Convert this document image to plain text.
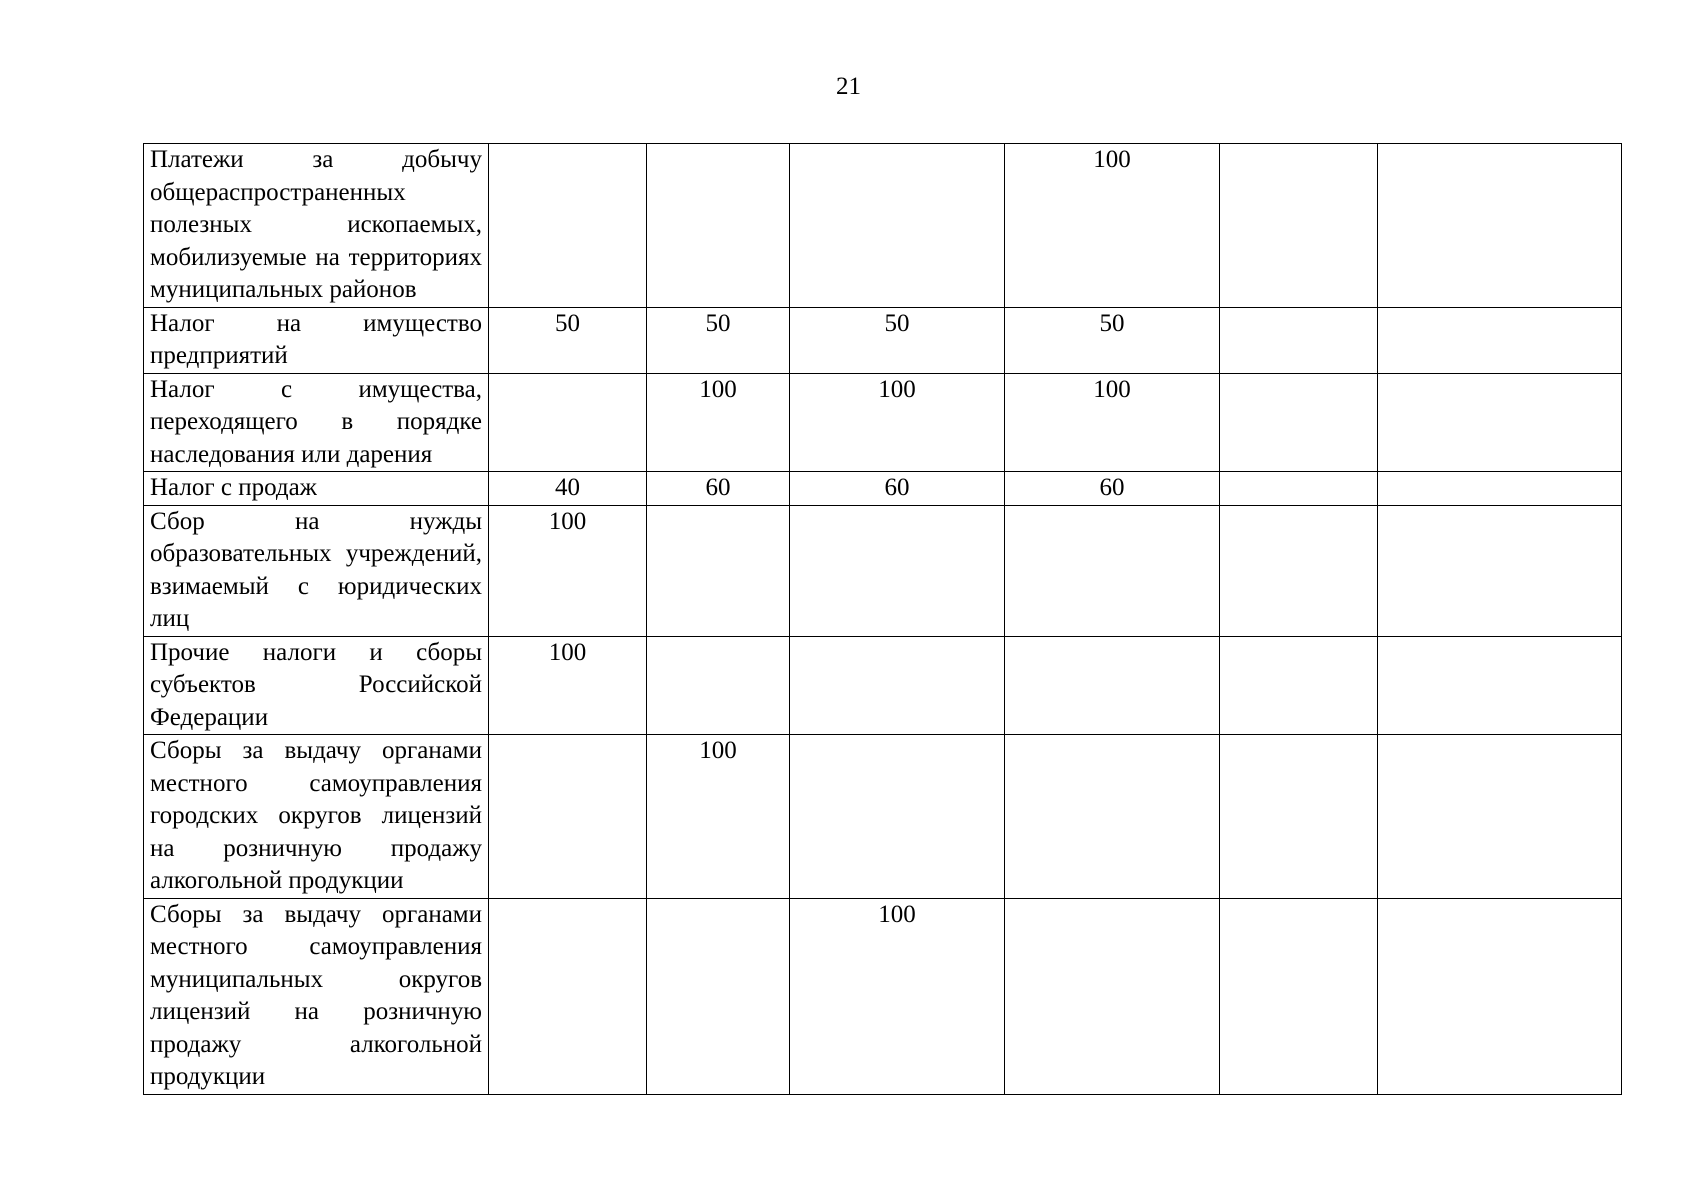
21
Платежи за добычу общераспространенных полезных ископаемых, мобилизуемые на территориях муниципальных районов				100		
Налог на имущество предприятий	50	50	50	50		
Налог с имущества, переходящего в порядке наследования или дарения		100	100	100		
Налог с продаж	40	60	60	60		
Сбор на нужды образовательных учреждений, взимаемый с юридических лиц	100					
Прочие налоги и сборы субъектов Российской Федерации	100					
Сборы за выдачу органами местного самоуправления городских округов лицензий на розничную продажу алкогольной продукции		100				
Сборы за выдачу органами местного самоуправления муниципальных округов лицензий на розничную продажу алкогольной продукции			100			
